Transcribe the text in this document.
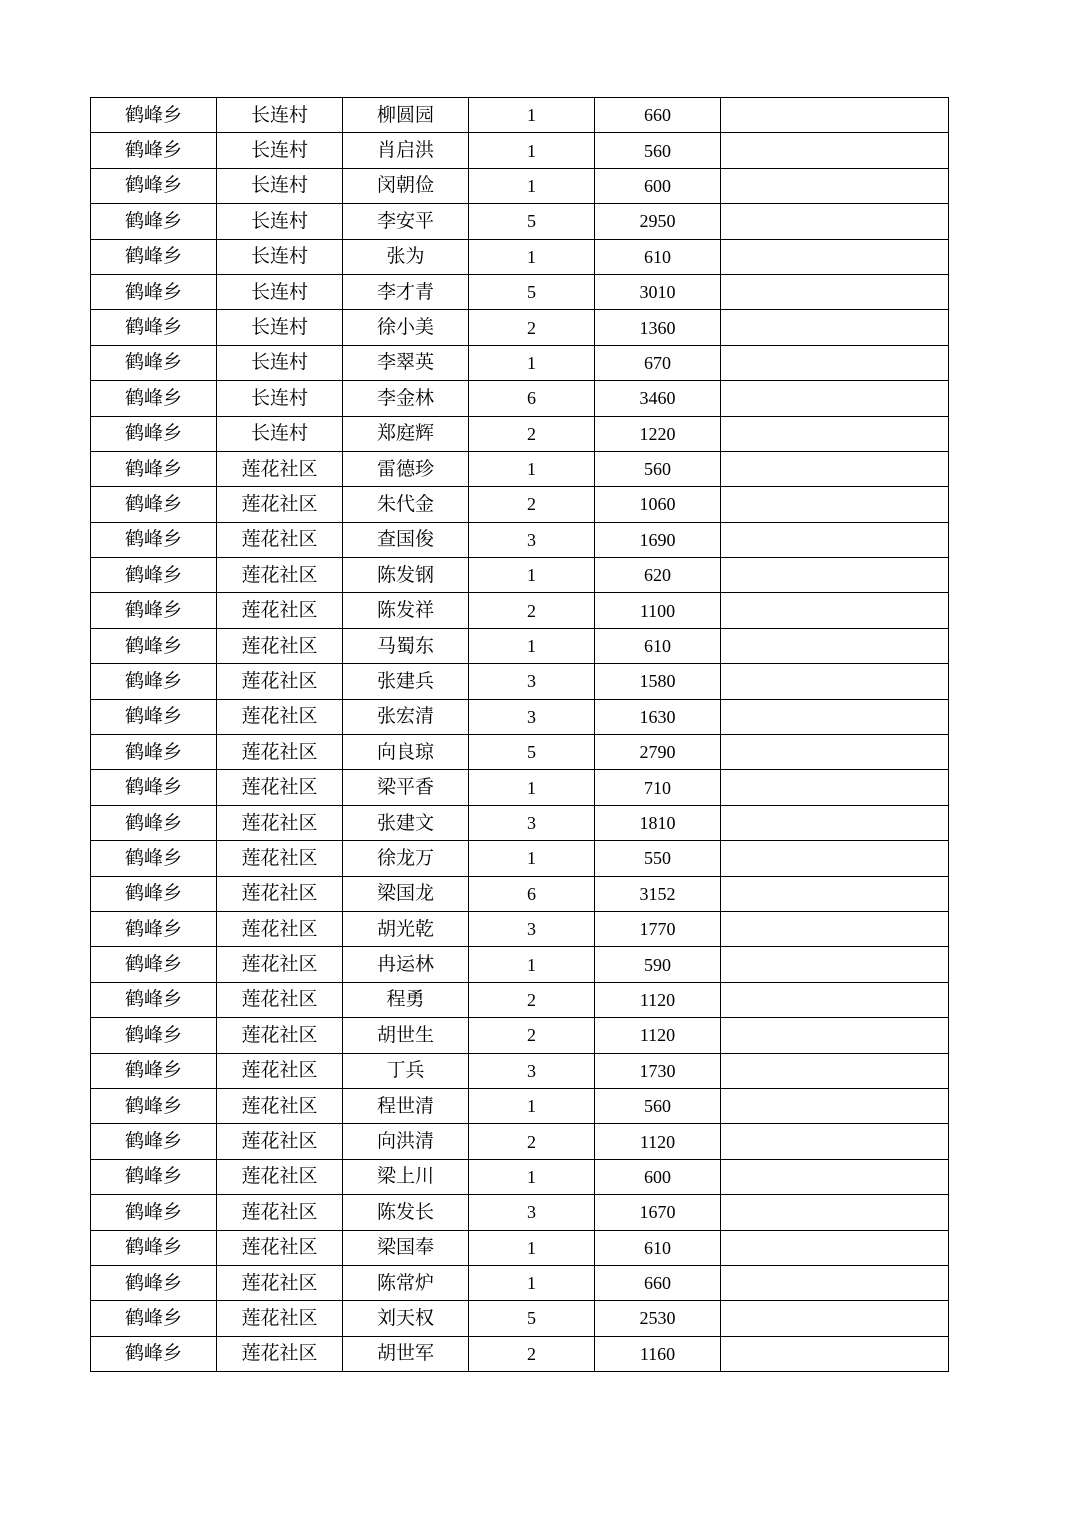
鹤峰乡	长连村	柳圆园	1	660	
鹤峰乡	长连村	肖启洪	1	560	
鹤峰乡	长连村	闵朝俭	1	600	
鹤峰乡	长连村	李安平	5	2950	
鹤峰乡	长连村	张为	1	610	
鹤峰乡	长连村	李才青	5	3010	
鹤峰乡	长连村	徐小美	2	1360	
鹤峰乡	长连村	李翠英	1	670	
鹤峰乡	长连村	李金林	6	3460	
鹤峰乡	长连村	郑庭辉	2	1220	
鹤峰乡	莲花社区	雷德珍	1	560	
鹤峰乡	莲花社区	朱代金	2	1060	
鹤峰乡	莲花社区	查国俊	3	1690	
鹤峰乡	莲花社区	陈发钢	1	620	
鹤峰乡	莲花社区	陈发祥	2	1100	
鹤峰乡	莲花社区	马蜀东	1	610	
鹤峰乡	莲花社区	张建兵	3	1580	
鹤峰乡	莲花社区	张宏清	3	1630	
鹤峰乡	莲花社区	向良琼	5	2790	
鹤峰乡	莲花社区	梁平香	1	710	
鹤峰乡	莲花社区	张建文	3	1810	
鹤峰乡	莲花社区	徐龙万	1	550	
鹤峰乡	莲花社区	梁国龙	6	3152	
鹤峰乡	莲花社区	胡光乾	3	1770	
鹤峰乡	莲花社区	冉运林	1	590	
鹤峰乡	莲花社区	程勇	2	1120	
鹤峰乡	莲花社区	胡世生	2	1120	
鹤峰乡	莲花社区	丁兵	3	1730	
鹤峰乡	莲花社区	程世清	1	560	
鹤峰乡	莲花社区	向洪清	2	1120	
鹤峰乡	莲花社区	梁上川	1	600	
鹤峰乡	莲花社区	陈发长	3	1670	
鹤峰乡	莲花社区	梁国奉	1	610	
鹤峰乡	莲花社区	陈常炉	1	660	
鹤峰乡	莲花社区	刘天权	5	2530	
鹤峰乡	莲花社区	胡世军	2	1160	
